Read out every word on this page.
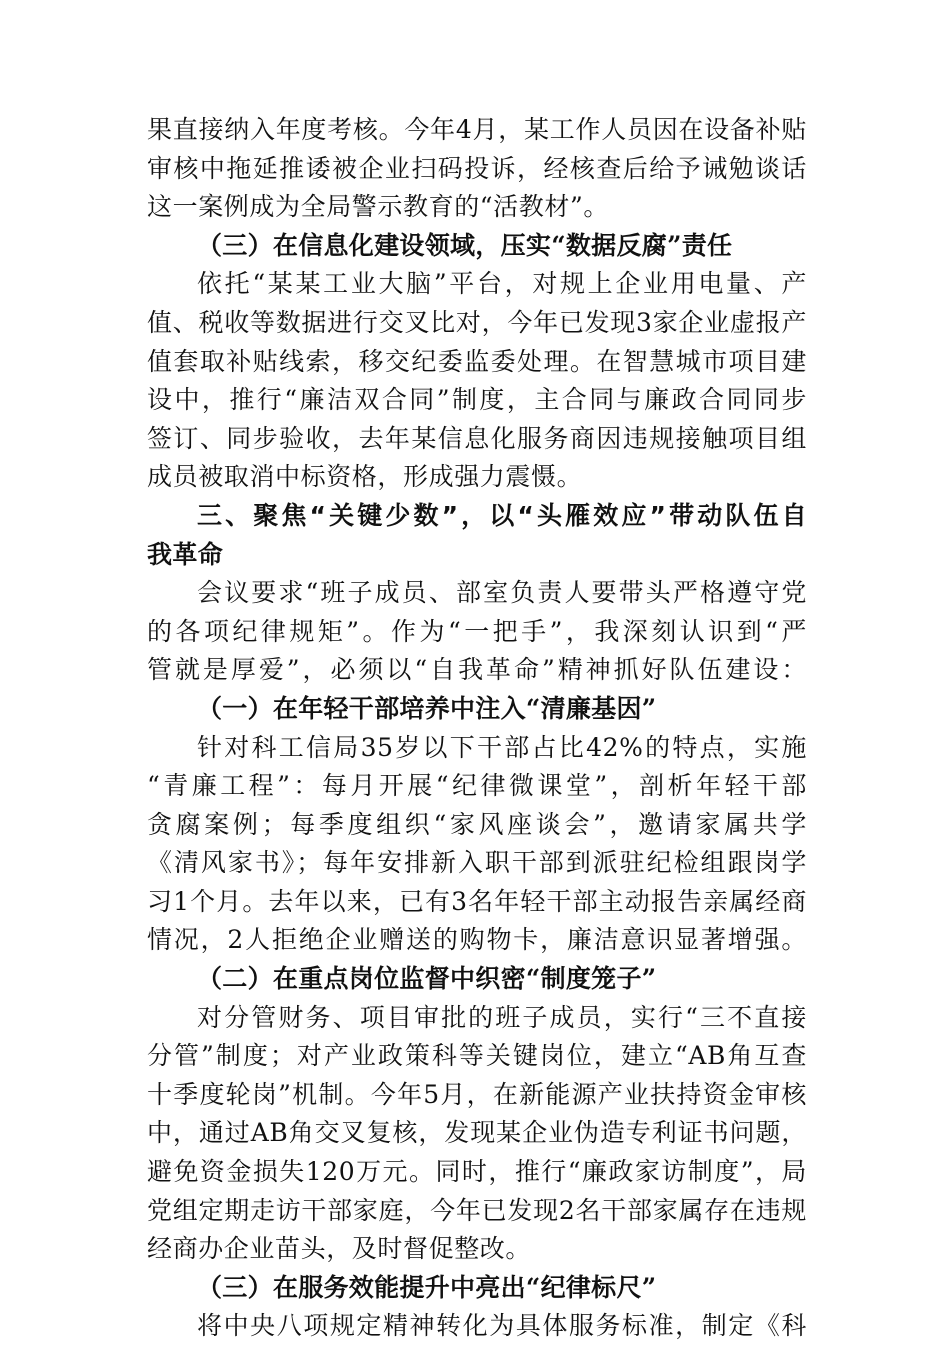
果直接纳入年度考核。今年4月，某工作人员因在设备补贴
审核中拖延推诿被企业扫码投诉，经核查后给予诫勉谈话
这一案例成为全局警示教育的“活教材”。
（三）在信息化建设领域，压实“数据反腐”责任
依托“某某工业大脑”平台，对规上企业用电量、产
值、税收等数据进行交叉比对，今年已发现3家企业虚报产
值套取补贴线索，移交纪委监委处理。在智慧城市项目建
设中，推行“廉洁双合同”制度，主合同与廉政合同同步
签订、同步验收，去年某信息化服务商因违规接触项目组
成员被取消中标资格，形成强力震慑。
三、聚焦“关键少数”，以“头雁效应”带动队伍自
我革命
会议要求“班子成员、部室负责人要带头严格遵守党
的各项纪律规矩”。作为“一把手”，我深刻认识到“严
管就是厚爱”，必须以“自我革命”精神抓好队伍建设：
（一）在年轻干部培养中注入“清廉基因”
针对科工信局35岁以下干部占比42%的特点，实施
“青廉工程”：每月开展“纪律微课堂”，剖析年轻干部
贪腐案例；每季度组织“家风座谈会”，邀请家属共学
《清风家书》；每年安排新入职干部到派驻纪检组跟岗学
习1个月。去年以来，已有3名年轻干部主动报告亲属经商
情况，2人拒绝企业赠送的购物卡，廉洁意识显著增强。
（二）在重点岗位监督中织密“制度笼子”
对分管财务、项目审批的班子成员，实行“三不直接
分管”制度；对产业政策科等关键岗位，建立“AB角互查
十季度轮岗”机制。今年5月，在新能源产业扶持资金审核
中，通过AB角交叉复核，发现某企业伪造专利证书问题，
避免资金损失120万元。同时，推行“廉政家访制度”，局
党组定期走访干部家庭，今年已发现2名干部家属存在违规
经商办企业苗头，及时督促整改。
（三）在服务效能提升中亮出“纪律标尺”
将中央八项规定精神转化为具体服务标准，制定《科
